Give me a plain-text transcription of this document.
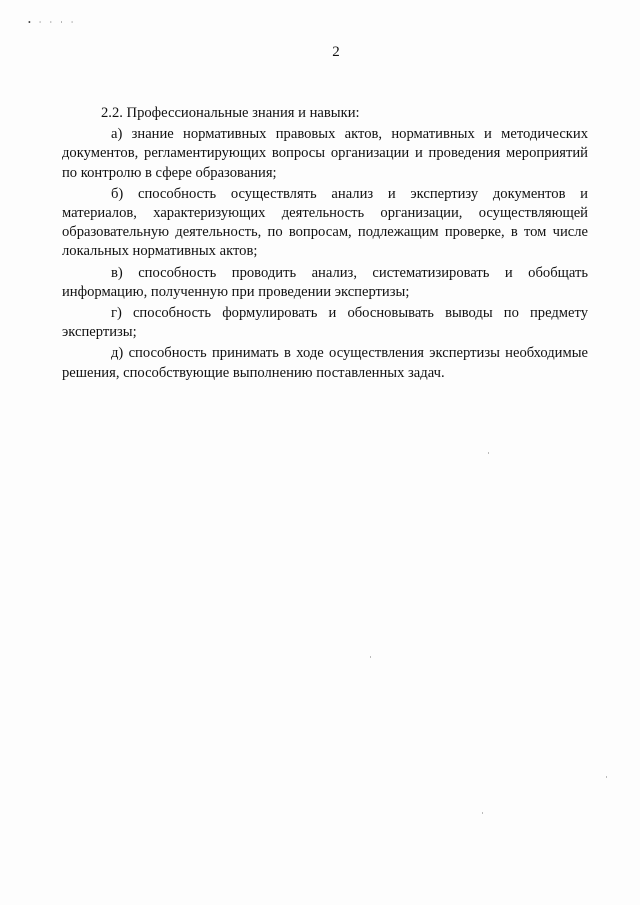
• · · · ·
2

2.2. Профессиональные знания и навыки:

а) знание нормативных правовых актов, нормативных и методических документов, регламентирующих вопросы организации и проведения мероприятий по контролю в сфере образования;

б) способность осуществлять анализ и экспертизу документов и материалов, характеризующих деятельность организации, осуществляющей образовательную деятельность, по вопросам, подлежащим проверке, в том числе локальных нормативных актов;

в) способность проводить анализ, систематизировать и обобщать информацию, полученную при проведении экспертизы;

г) способность формулировать и обосновывать выводы по предмету экспертизы;

д) способность принимать в ходе осуществления экспертизы необходимые решения, способствующие выполнению поставленных задач.
